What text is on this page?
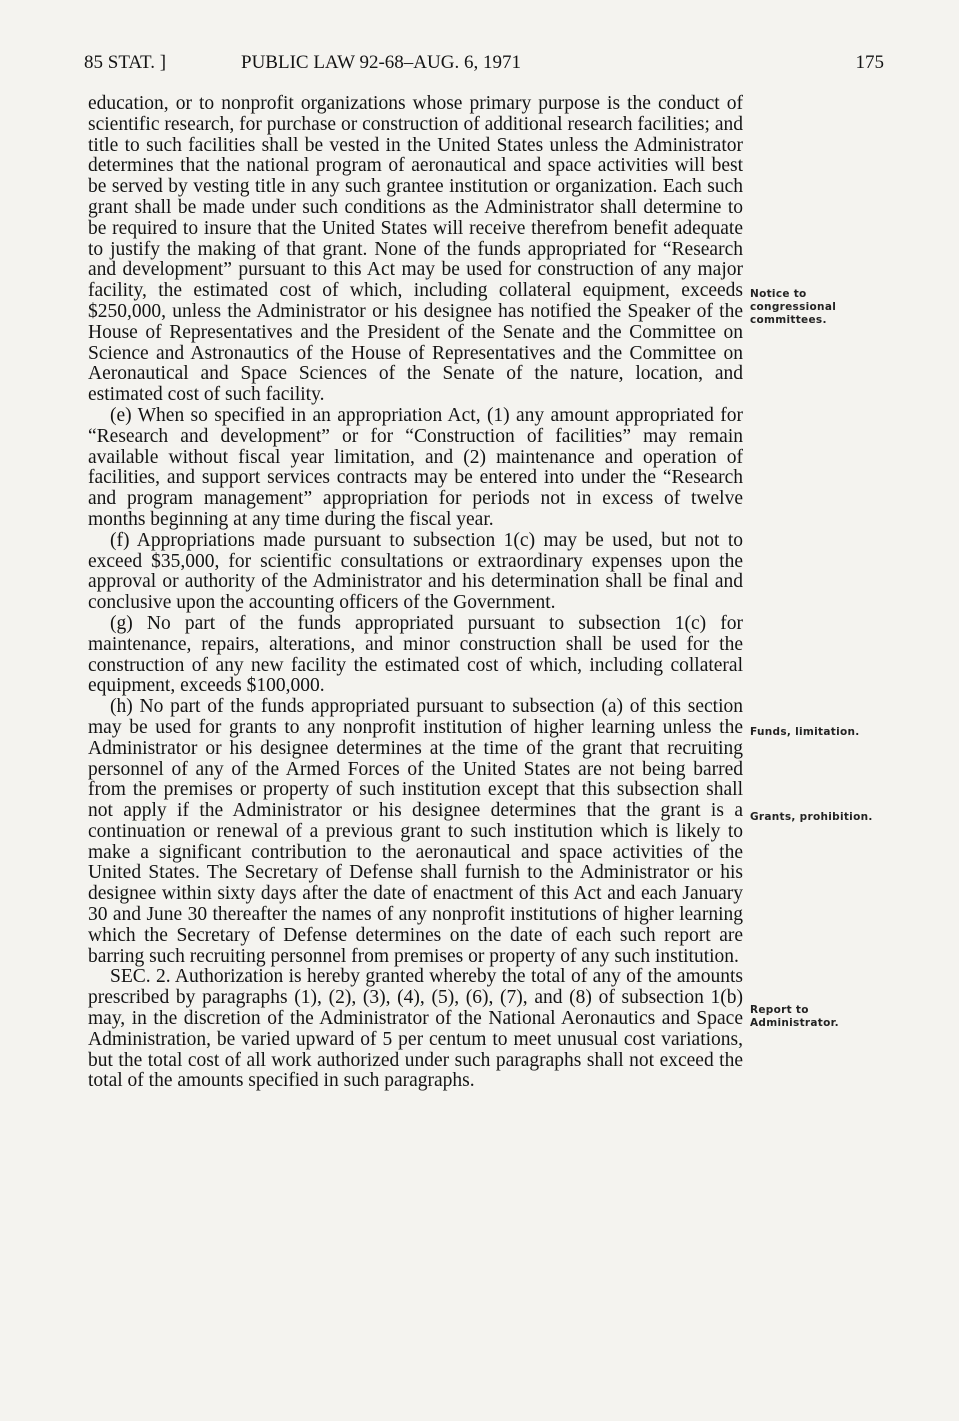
85 STAT. ]	PUBLIC LAW 92-68–AUG. 6, 1971	175

education, or to nonprofit organizations whose primary purpose is the conduct of scientific research, for purchase or construction of additional research facilities; and title to such facilities shall be vested in the United States unless the Administrator determines that the national program of aeronautical and space activities will best be served by vesting title in any such grantee institution or organization. Each such grant shall be made under such conditions as the Administrator shall determine to be required to insure that the United States will receive therefrom benefit adequate to justify the making of that grant. None of the funds appropriated for “Research and development” pursuant to this Act may be used for construction of any major facility, the estimated cost of which, including collateral equipment, exceeds $250,000, unless the Administrator or his designee has notified the Speaker of the House of Representatives and the President of the Senate and the Committee on Science and Astronautics of the House of Representatives and the Committee on Aeronautical and Space Sciences of the Senate of the nature, location, and estimated cost of such facility.

(e) When so specified in an appropriation Act, (1) any amount appropriated for “Research and development” or for “Construction of facilities” may remain available without fiscal year limitation, and (2) maintenance and operation of facilities, and support services contracts may be entered into under the “Research and program management” appropriation for periods not in excess of twelve months beginning at any time during the fiscal year.

(f) Appropriations made pursuant to subsection 1(c) may be used, but not to exceed $35,000, for scientific consultations or extraordinary expenses upon the approval or authority of the Administrator and his determination shall be final and conclusive upon the accounting officers of the Government.

(g) No part of the funds appropriated pursuant to subsection 1(c) for maintenance, repairs, alterations, and minor construction shall be used for the construction of any new facility the estimated cost of which, including collateral equipment, exceeds $100,000.

(h) No part of the funds appropriated pursuant to subsection (a) of this section may be used for grants to any nonprofit institution of higher learning unless the Administrator or his designee determines at the time of the grant that recruiting personnel of any of the Armed Forces of the United States are not being barred from the premises or property of such institution except that this subsection shall not apply if the Administrator or his designee determines that the grant is a continuation or renewal of a previous grant to such institution which is likely to make a significant contribution to the aeronautical and space activities of the United States. The Secretary of Defense shall furnish to the Administrator or his designee within sixty days after the date of enactment of this Act and each January 30 and June 30 thereafter the names of any nonprofit institutions of higher learning which the Secretary of Defense determines on the date of each such report are barring such recruiting personnel from premises or property of any such institution.

SEC. 2. Authorization is hereby granted whereby the total of any of the amounts prescribed by paragraphs (1), (2), (3), (4), (5), (6), (7), and (8) of subsection 1(b) may, in the discretion of the Administrator of the National Aeronautics and Space Administration, be varied upward of 5 per centum to meet unusual cost variations, but the total cost of all work authorized under such paragraphs shall not exceed the total of the amounts specified in such paragraphs.

Notice to congressional committees.
Funds, limitation.
Grants, prohibition.
Report to Administrator.
